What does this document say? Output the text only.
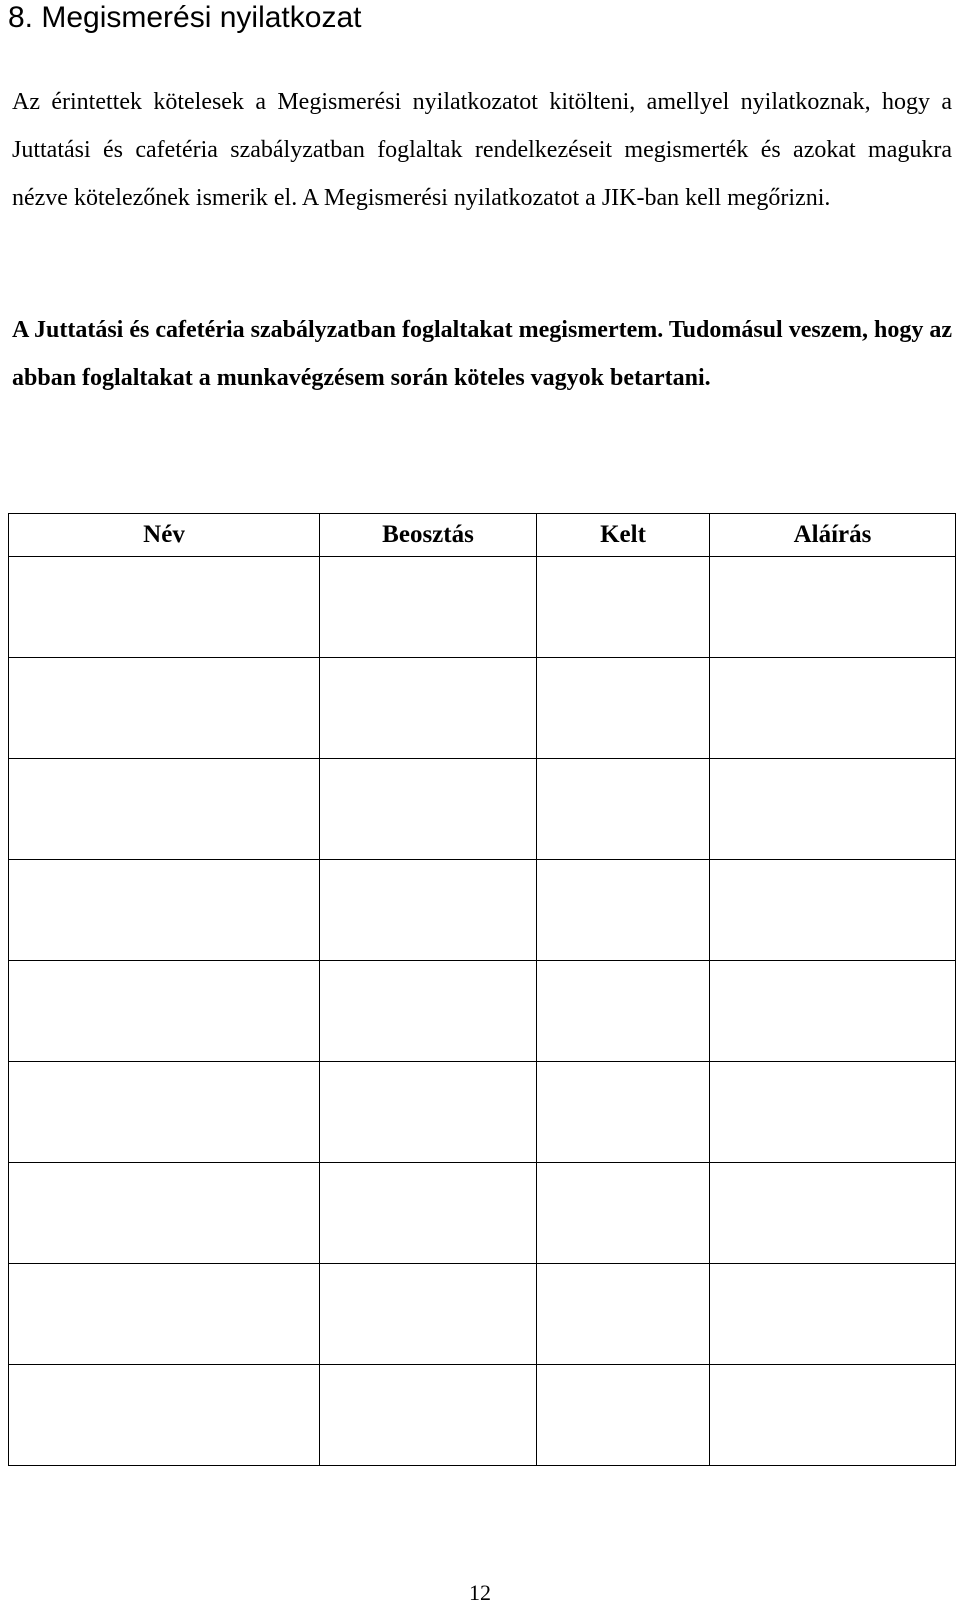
8. Megismerési nyilatkozat

Az érintettek kötelesek a Megismerési nyilatkozatot kitölteni, amellyel nyilatkoznak, hogy a Juttatási és cafetéria szabályzatban foglaltak rendelkezéseit megismerték és azokat magukra nézve kötelezőnek ismerik el. A Megismerési nyilatkozatot a JIK-ban kell megőrizni.

A Juttatási és cafetéria szabályzatban foglaltakat megismertem. Tudomásul veszem, hogy az abban foglaltakat a munkavégzésem során köteles vagyok betartani.

Név	Beosztás	Kelt	Aláírás

12
